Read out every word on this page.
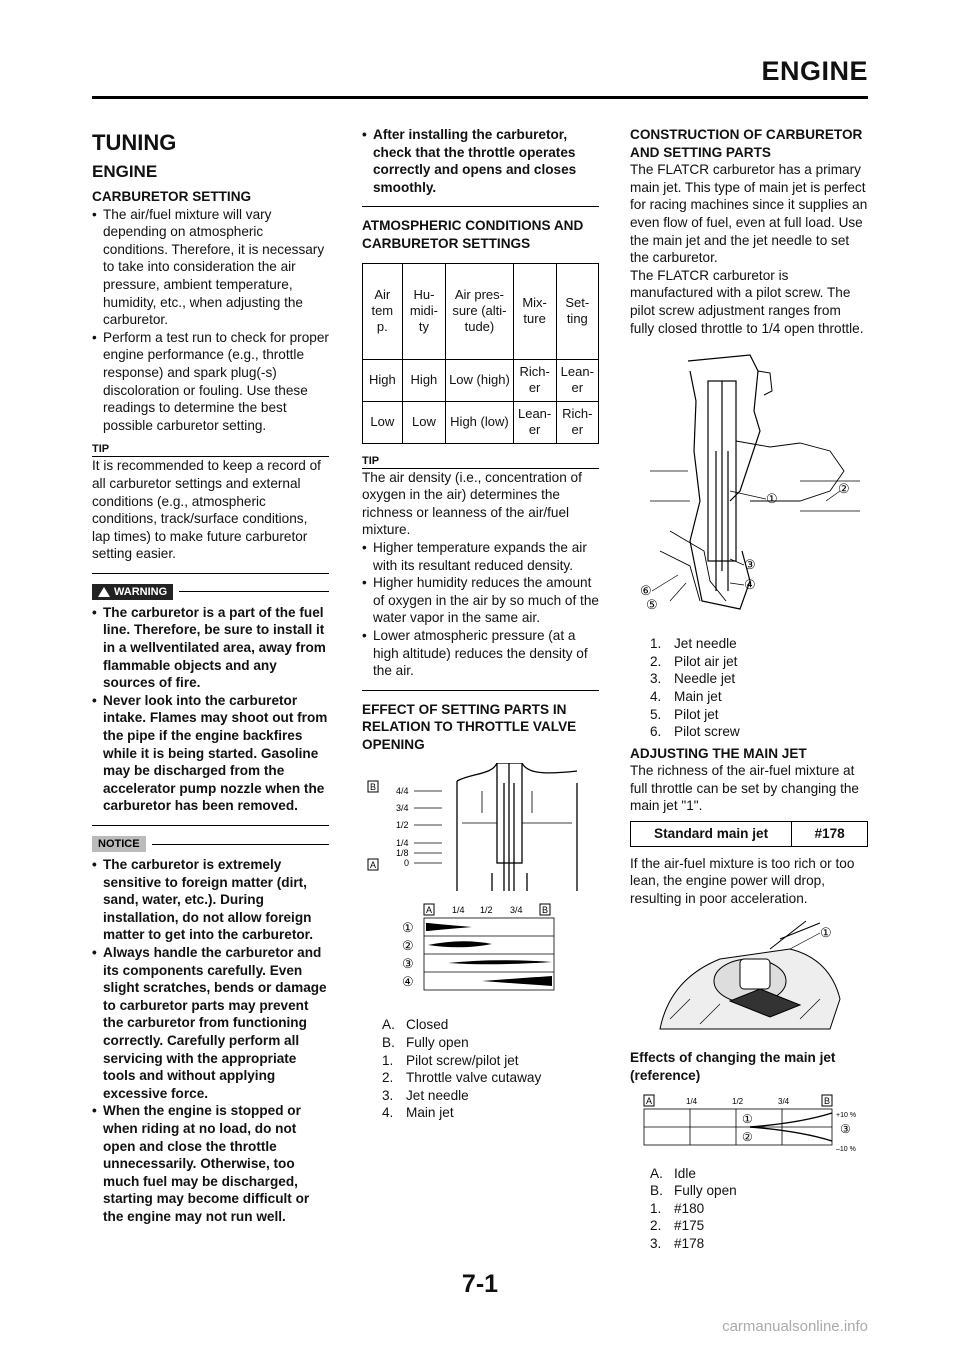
ENGINE
TUNING
ENGINE
CARBURETOR SETTING
• The air/fuel mixture will vary depending on atmospheric conditions. Therefore, it is necessary to take into consideration the air pressure, ambient temperature, humidity, etc., when adjusting the carburetor.
• Perform a test run to check for proper engine performance (e.g., throttle response) and spark plug(-s) discoloration or fouling. Use these readings to determine the best possible carburetor setting.
TIP

It is recommended to keep a record of all carburetor settings and external conditions (e.g., atmospheric conditions, track/surface conditions, lap times) to make future carburetor setting easier.

WARNING
• The carburetor is a part of the fuel line. Therefore, be sure to install it in a wellventilated area, away from flammable objects and any sources of fire.
• Never look into the carburetor intake. Flames may shoot out from the pipe if the engine backfires while it is being started. Gasoline may be discharged from the accelerator pump nozzle when the carburetor has been removed.
NOTICE
• The carburetor is extremely sensitive to foreign matter (dirt, sand, water, etc.). During installation, do not allow foreign matter to get into the carburetor.
• Always handle the carburetor and its components carefully. Even slight scratches, bends or damage to carburetor parts may prevent the carburetor from functioning correctly. Carefully perform all servicing with the appropriate tools and without applying excessive force.
• When the engine is stopped or when riding at no load, do not open and close the throttle unnecessarily. Otherwise, too much fuel may be discharged, starting may become difficult or the engine may not run well.
• After installing the carburetor, check that the throttle operates correctly and opens and closes smoothly.
ATMOSPHERIC CONDITIONS AND CARBURETOR SETTINGS
Air tem p.	Hu- midi- ty	Air pres- sure (alti- tude)	Mix- ture	Set- ting
High	High	Low (high)	Rich- er	Lean- er
Low	Low	High (low)	Lean- er	Rich- er
TIP

The air density (i.e., concentration of oxygen in the air) determines the richness or leanness of the air/fuel mixture.

• Higher temperature expands the air with its resultant reduced density.
• Higher humidity reduces the amount of oxygen in the air by so much of the water vapor in the same air.
• Lower atmospheric pressure (at a high altitude) reduces the density of the air.
EFFECT OF SETTING PARTS IN RELATION TO THROTTLE VALVE OPENING
B
A
4/4
3/4
1/2
1/4
1/8
0
A	B
1/4 1/2 3/4
①
②
③
④
A. Closed
B. Fully open
1. Pilot screw/pilot jet
2. Throttle valve cutaway
3. Jet needle
4. Main jet
CONSTRUCTION OF CARBURETOR AND SETTING PARTS

The FLATCR carburetor has a primary main jet. This type of main jet is perfect for racing machines since it supplies an even flow of fuel, even at full load. Use the main jet and the jet needle to set the carburetor.

The FLATCR carburetor is manufactured with a pilot screw. The pilot screw adjustment ranges from fully closed throttle to 1/4 open throttle.

①
②
③
④
⑤
⑥
1. Jet needle
2. Pilot air jet
3. Needle jet
4. Main jet
5. Pilot jet
6. Pilot screw
ADJUSTING THE MAIN JET

The richness of the air-fuel mixture at full throttle can be set by changing the main jet "1".

Standard main jet	#178

If the air-fuel mixture is too rich or too lean, the engine power will drop, resulting in poor acceleration.

①
Effects of changing the main jet (reference)
A	B
1/4	1/2	3/4
①
②
③
+10 %
–10 %
A. Idle
B. Fully open
1. #180
2. #175
3. #178
7-1
carmanualsonline.info
